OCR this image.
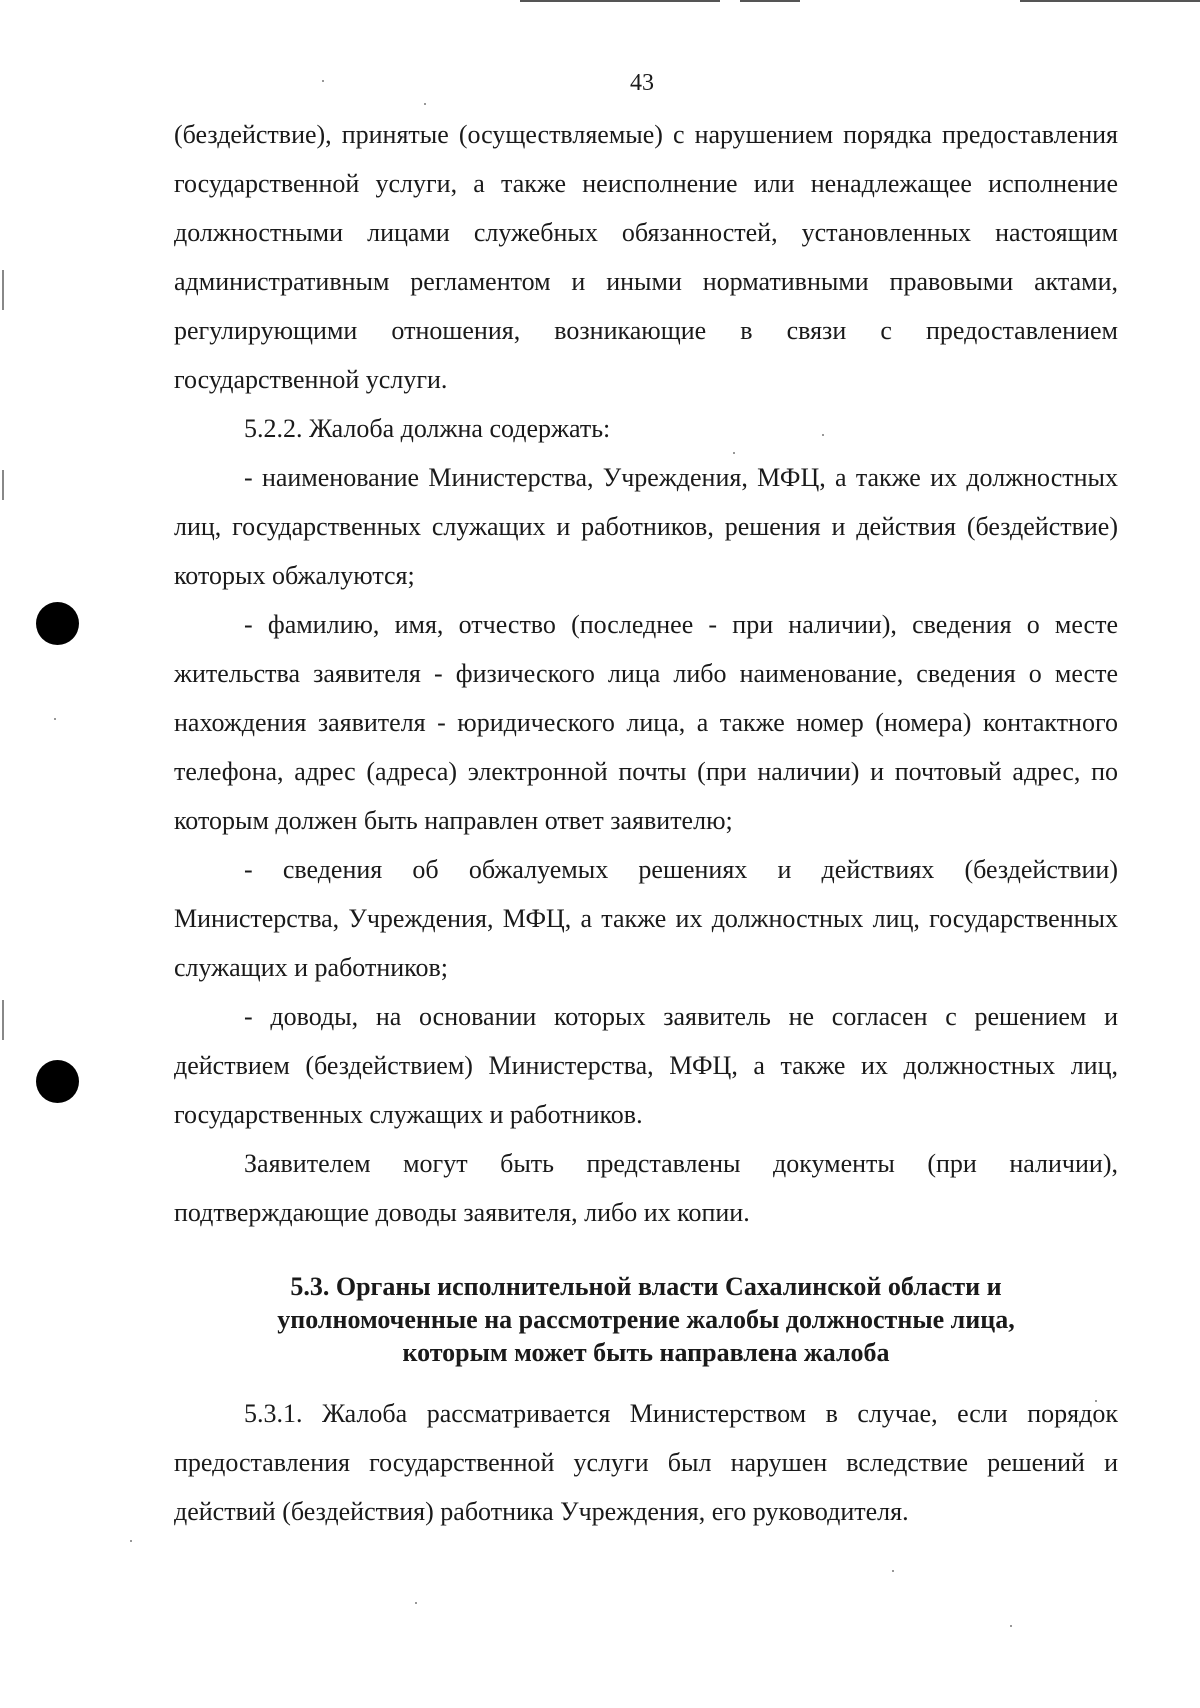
43

(бездействие), принятые (осуществляемые) с нарушением порядка предоставления государственной услуги, а также неисполнение или ненадлежащее исполнение должностными лицами служебных обязанностей, установленных настоящим административным регламентом и иными нормативными правовыми актами, регулирующими отношения, возникающие в связи с предоставлением государственной услуги.

5.2.2. Жалоба должна содержать:

- наименование Министерства, Учреждения, МФЦ, а также их должностных лиц, государственных служащих и работников, решения и действия (бездействие) которых обжалуются;

- фамилию, имя, отчество (последнее - при наличии), сведения о месте жительства заявителя - физического лица либо наименование, сведения о месте нахождения заявителя - юридического лица, а также номер (номера) контактного телефона, адрес (адреса) электронной почты (при наличии) и почтовый адрес, по которым должен быть направлен ответ заявителю;

- сведения об обжалуемых решениях и действиях (бездействии) Министерства, Учреждения, МФЦ, а также их должностных лиц, государственных служащих и работников;

- доводы, на основании которых заявитель не согласен с решением и действием (бездействием) Министерства, МФЦ, а также их должностных лиц, государственных служащих и работников.

Заявителем могут быть представлены документы (при наличии), подтверждающие доводы заявителя, либо их копии.

5.3. Органы исполнительной власти Сахалинской области и
уполномоченные на рассмотрение жалобы должностные лица,
которым может быть направлена жалоба

5.3.1. Жалоба рассматривается Министерством в случае, если порядок предоставления государственной услуги был нарушен вследствие решений и действий (бездействия) работника Учреждения, его руководителя.
